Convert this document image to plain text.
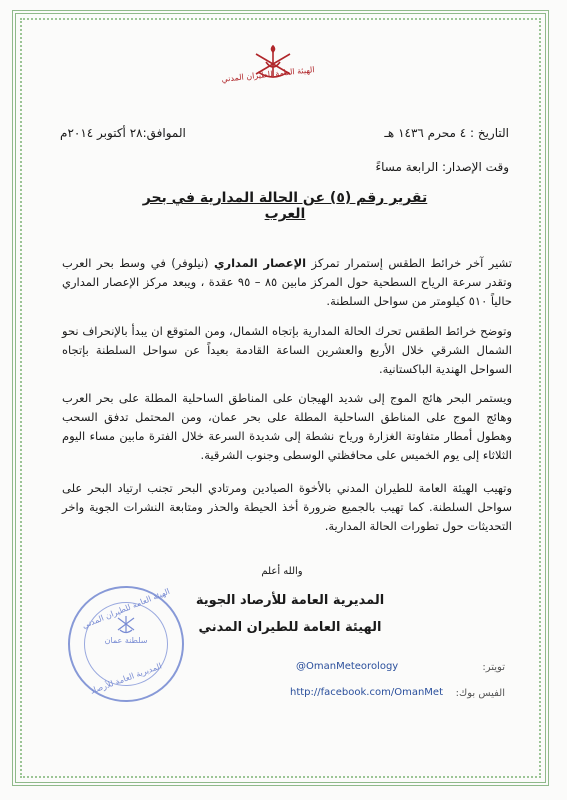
الهيئة العامة للطيران المدني
التاريخ : ٤ محرم ١٤٣٦ هـ
الموافق:٢٨ أكتوبر ٢٠١٤م
وقت الإصدار: الرابعة مساءً
تقرير رقم (٥) عن الحالة المدارية في بحر العرب
تشير آخر خرائط الطقس إستمرار تمركز الإعصار المداري (نيلوفر) في وسط بحر العرب وتقدر سرعة الرياح السطحية حول المركز مابين ٨٥ – ٩٥ عقدة ، ويبعد مركز الإعصار المداري حالياً ٥١٠ كيلومتر من سواحل السلطنة.
وتوضح خرائط الطقس تحرك الحالة المدارية بإتجاه الشمال، ومن المتوقع ان يبدأ بالإنحراف نحو الشمال الشرقي خلال الأربع والعشرين الساعة القادمة بعيداً عن سواحل السلطنة بإتجاه السواحل الهندية الباكستانية.
ويستمر البحر هائج الموج إلى شديد الهيجان على المناطق الساحلية المطلة على بحر العرب وهائج الموج على المناطق الساحلية المطلة على بحر عمان، ومن المحتمل تدفق السحب وهطول أمطار متفاوتة الغزارة ورياح نشطة إلى شديدة السرعة خلال الفترة مابين مساء اليوم الثلاثاء إلى يوم الخميس على محافظتي الوسطى وجنوب الشرقية.
وتهيب الهيئة العامة للطيران المدني بالأخوة الصيادين ومرتادي البحر تجنب ارتياد البحر على سواحل السلطنة. كما تهيب بالجميع ضرورة أخذ الحيطة والحذر ومتابعة النشرات الجوية واخر التحديثات حول تطورات الحالة المدارية.
والله أعلم
المديرية العامة للأرصاد الجوية
الهيئة العامة للطيران المدني
الهيئة العامة للطيران المدني
سلطنة عمان
المديرية العامة للأرصاد	تويتر:
@OmanMeteorology
الفيس بوك:
http://facebook.com/OmanMet
